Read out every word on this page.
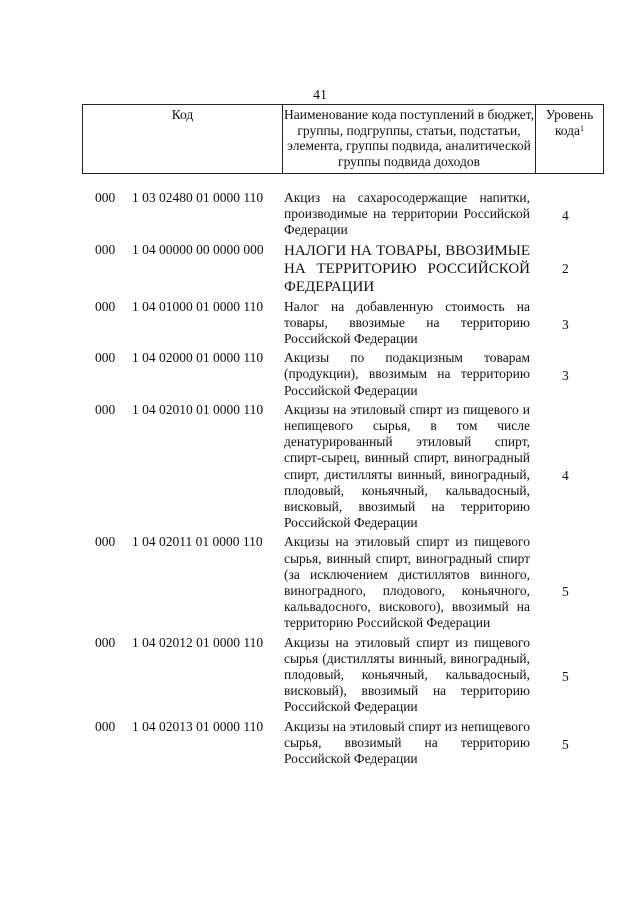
41
Код	Наименование кода поступлений в бюджет, группы, подгруппы, статьи, подстатьи, элемента, группы подвида, аналитической группы подвида доходов
Уровень кода$^1$
000 1 03 02480 01 0000 110 Акциз на сахаросодержащие напитки, производимые на территории Российской Федерации
4
000 1 04 00000 00 0000 000 НАЛОГИ НА ТОВАРЫ, ВВОЗИМЫЕ НА ТЕРРИТОРИЮ РОССИЙСКОЙ ФЕДЕРАЦИИ
2
000 1 04 01000 01 0000 110 Налог на добавленную стоимость на товары, ввозимые на территорию Российской Федерации
3
000 1 04 02000 01 0000 110 Акцизы по подакцизным товарам (продукции), ввозимым на территорию Российской Федерации
3
000 1 04 02010 01 0000 110 Акцизы на этиловый спирт из пищевого и непищевого сырья, в том числе денатурированный этиловый спирт, спирт-сырец, винный спирт, виноградный спирт, дистилляты винный, виноградный, плодовый, коньячный, кальвадосный, висковый, ввозимый на территорию Российской Федерации
4
000 1 04 02011 01 0000 110 Акцизы на этиловый спирт из пищевого сырья, винный спирт, виноградный спирт (за исключением дистиллятов винного, виноградного, плодового, коньячного, кальвадосного, вискового), ввозимый на территорию Российской Федерации
5
000 1 04 02012 01 0000 110 Акцизы на этиловый спирт из пищевого сырья (дистилляты винный, виноградный, плодовый, коньячный, кальвадосный, висковый), ввозимый на территорию Российской Федерации
5
000 1 04 02013 01 0000 110 Акцизы на этиловый спирт из непищевого сырья, ввозимый на территорию Российской Федерации
5
